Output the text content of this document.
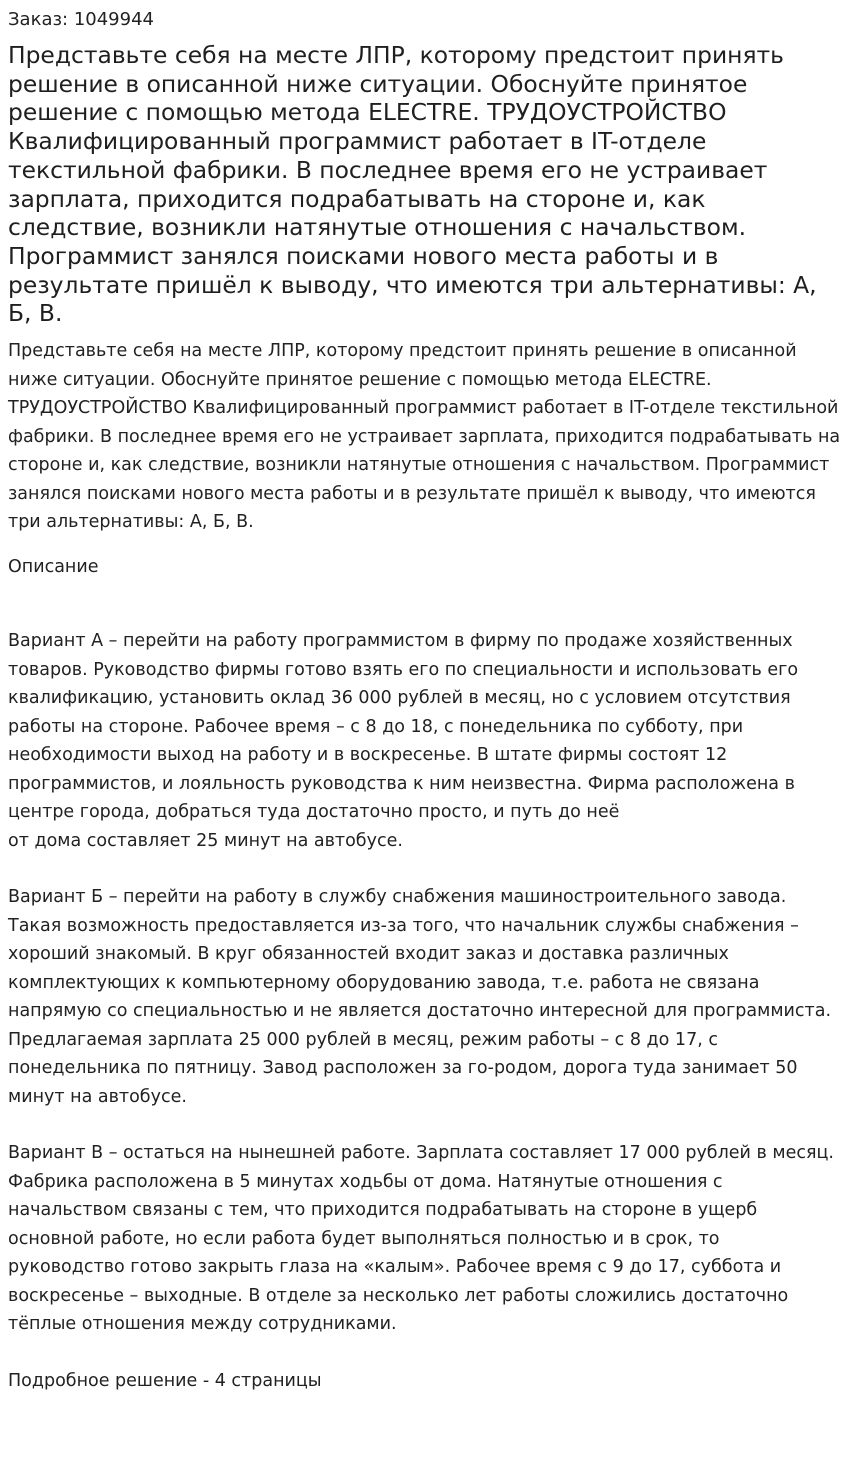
Заказ: 1049944
Представьте себя на месте ЛПР, которому предстоит принять решение в описанной ниже ситуации. Обоснуйте принятое решение с помощью метода ELECTRE. ТРУДОУСТРОЙСТВО Квалифицированный программист работает в IT-отделе текстильной фабрики. В последнее время его не устраивает зарплата, приходится подрабатывать на стороне и, как следствие, возникли натянутые отношения с начальством. Программист занялся поисками нового места работы и в результате пришёл к выводу, что имеются три альтернативы: А, Б, В.

Представьте себя на месте ЛПР, которому предстоит принять решение в описанной ниже ситуации. Обоснуйте принятое решение с помощью метода ELECTRE. ТРУДОУСТРОЙСТВО Квалифицированный программист работает в IT-отделе текстильной фабрики. В последнее время его не устраивает зарплата, приходится подрабатывать на стороне и, как следствие, возникли натянутые отношения с начальством. Программист занялся поисками нового места работы и в результате пришёл к выводу, что имеются три альтернативы: А, Б, В.

Описание

Вариант А – перейти на работу программистом в фирму по продаже хозяйственных товаров. Руководство фирмы готово взять его по специальности и использовать его квалификацию, установить оклад 36 000 рублей в месяц, но с условием отсутствия работы на стороне. Рабочее время – с 8 до 18, с понедельника по субботу, при необходимости выход на работу и в воскресенье. В штате фирмы состоят 12 программистов, и лояльность руководства к ним неизвестна. Фирма расположена в центре города, добраться туда достаточно просто, и путь до неё

от дома составляет 25 минут на автобусе.

Вариант Б – перейти на работу в службу снабжения машиностроительного завода. Такая возможность предоставляется из-за того, что начальник службы снабжения – хороший знакомый. В круг обязанностей входит заказ и доставка различных комплектующих к компьютерному оборудованию завода, т.е. работа не связана напрямую со специальностью и не является достаточно интересной для программиста. Предлагаемая зарплата 25 000 рублей в месяц, режим работы – с 8 до 17, с понедельника по пятницу. Завод расположен за го-родом, дорога туда занимает 50 минут на автобусе.

Вариант В – остаться на нынешней работе. Зарплата составляет 17 000 рублей в месяц. Фабрика расположена в 5 минутах ходьбы от дома. Натянутые отношения с начальством связаны с тем, что приходится подрабатывать на стороне в ущерб основной работе, но если работа будет выполняться полностью и в срок, то руководство готово закрыть глаза на «калым». Рабочее время с 9 до 17, суббота и воскресенье – выходные. В отделе за несколько лет работы сложились достаточно тёплые отношения между сотрудниками.

Подробное решение - 4 страницы
